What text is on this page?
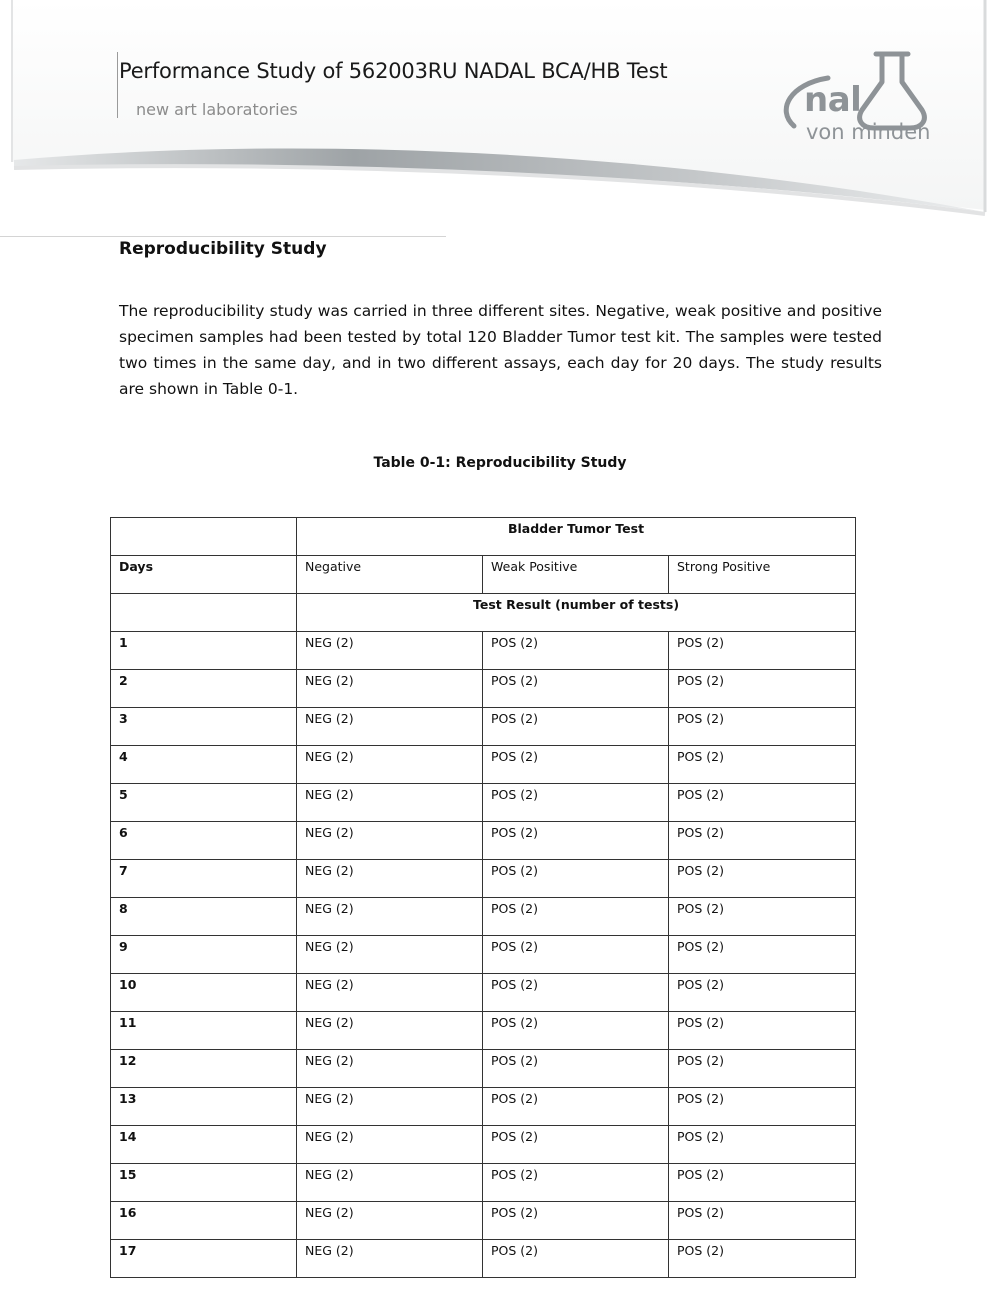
Performance Study of 562003RU NADAL BCA/HB Test
new art laboratories	nal
von minden
Reproducibility Study

The reproducibility study was carried in three different sites. Negative, weak positive and positive specimen samples had been tested by total 120 Bladder Tumor test kit. The samples were tested two times in the same day, and in two different assays, each day for 20 days. The study results are shown in Table 0-1.

Table 0-1: Reproducibility Study
	Bladder Tumor Test		
Days	Negative	Weak Positive	Strong Positive
	Test Result (number of tests)		
1	NEG (2)	POS (2)	POS (2)
2	NEG (2)	POS (2)	POS (2)
3	NEG (2)	POS (2)	POS (2)
4	NEG (2)	POS (2)	POS (2)
5	NEG (2)	POS (2)	POS (2)
6	NEG (2)	POS (2)	POS (2)
7	NEG (2)	POS (2)	POS (2)
8	NEG (2)	POS (2)	POS (2)
9	NEG (2)	POS (2)	POS (2)
10	NEG (2)	POS (2)	POS (2)
11	NEG (2)	POS (2)	POS (2)
12	NEG (2)	POS (2)	POS (2)
13	NEG (2)	POS (2)	POS (2)
14	NEG (2)	POS (2)	POS (2)
15	NEG (2)	POS (2)	POS (2)
16	NEG (2)	POS (2)	POS (2)
17	NEG (2)	POS (2)	POS (2)
